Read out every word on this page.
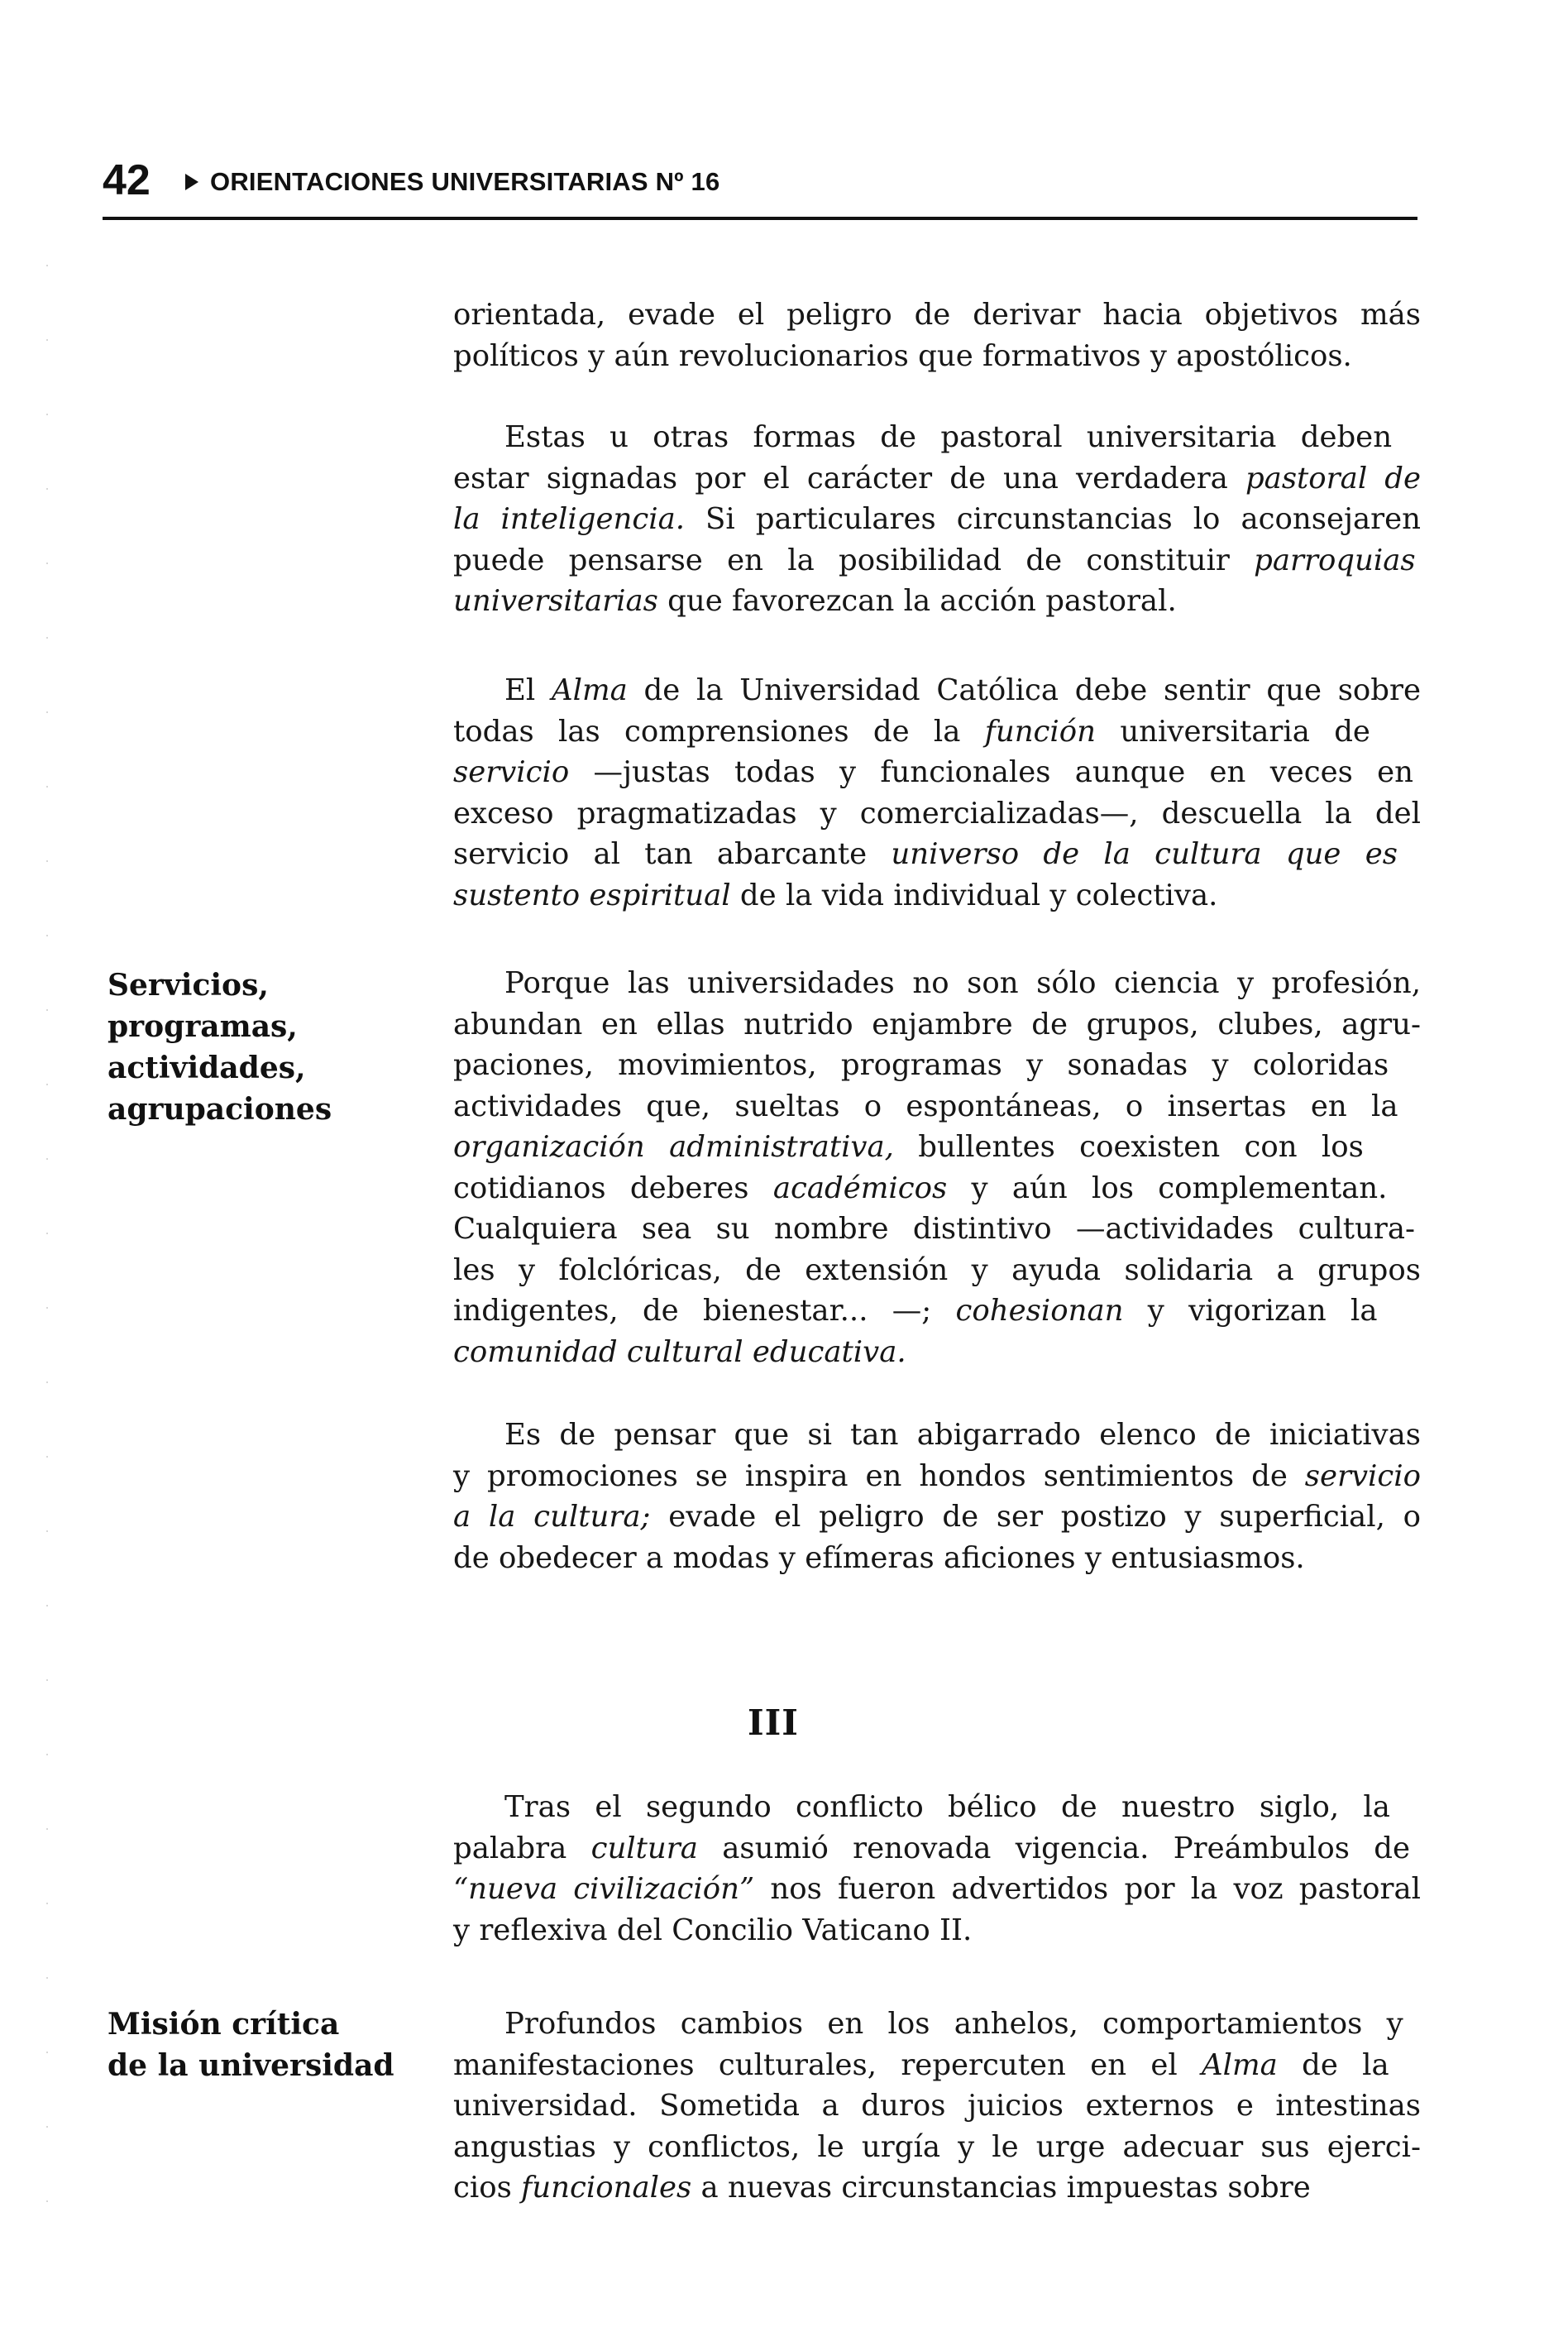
42 ORIENTACIONES UNIVERSITARIAS Nº 16

orientada, evade el peligro de derivar hacia objetivos más
políticos y aún revolucionarios que formativos y apostólicos.

Estas u otras formas de pastoral universitaria deben
estar signadas por el carácter de una verdadera pastoral de
la inteligencia. Si particulares circunstancias lo aconsejaren
puede pensarse en la posibilidad de constituir parroquias
universitarias que favorezcan la acción pastoral.

El Alma de la Universidad Católica debe sentir que sobre
todas las comprensiones de la función universitaria de
servicio —justas todas y funcionales aunque en veces en
exceso pragmatizadas y comercializadas—, descuella la del
servicio al tan abarcante universo de la cultura que es
sustento espiritual de la vida individual y colectiva.

Servicios,
programas,
actividades,
agrupaciones

Porque las universidades no son sólo ciencia y profesión,
abundan en ellas nutrido enjambre de grupos, clubes, agru-
paciones, movimientos, programas y sonadas y coloridas
actividades que, sueltas o espontáneas, o insertas en la
organización administrativa, bullentes coexisten con los
cotidianos deberes académicos y aún los complementan.
Cualquiera sea su nombre distintivo —actividades cultura-
les y folclóricas, de extensión y ayuda solidaria a grupos
indigentes, de bienestar... —; cohesionan y vigorizan la
comunidad cultural educativa.

Es de pensar que si tan abigarrado elenco de iniciativas
y promociones se inspira en hondos sentimientos de servicio
a la cultura; evade el peligro de ser postizo y superficial, o
de obedecer a modas y efímeras aficiones y entusiasmos.

III

Tras el segundo conflicto bélico de nuestro siglo, la
palabra cultura asumió renovada vigencia. Preámbulos de
“nueva civilización” nos fueron advertidos por la voz pastoral
y reflexiva del Concilio Vaticano II.

Misión crítica
de la universidad

Profundos cambios en los anhelos, comportamientos y
manifestaciones culturales, repercuten en el Alma de la
universidad. Sometida a duros juicios externos e intestinas
angustias y conflictos, le urgía y le urge adecuar sus ejerci-
cios funcionales a nuevas circunstancias impuestas sobre
